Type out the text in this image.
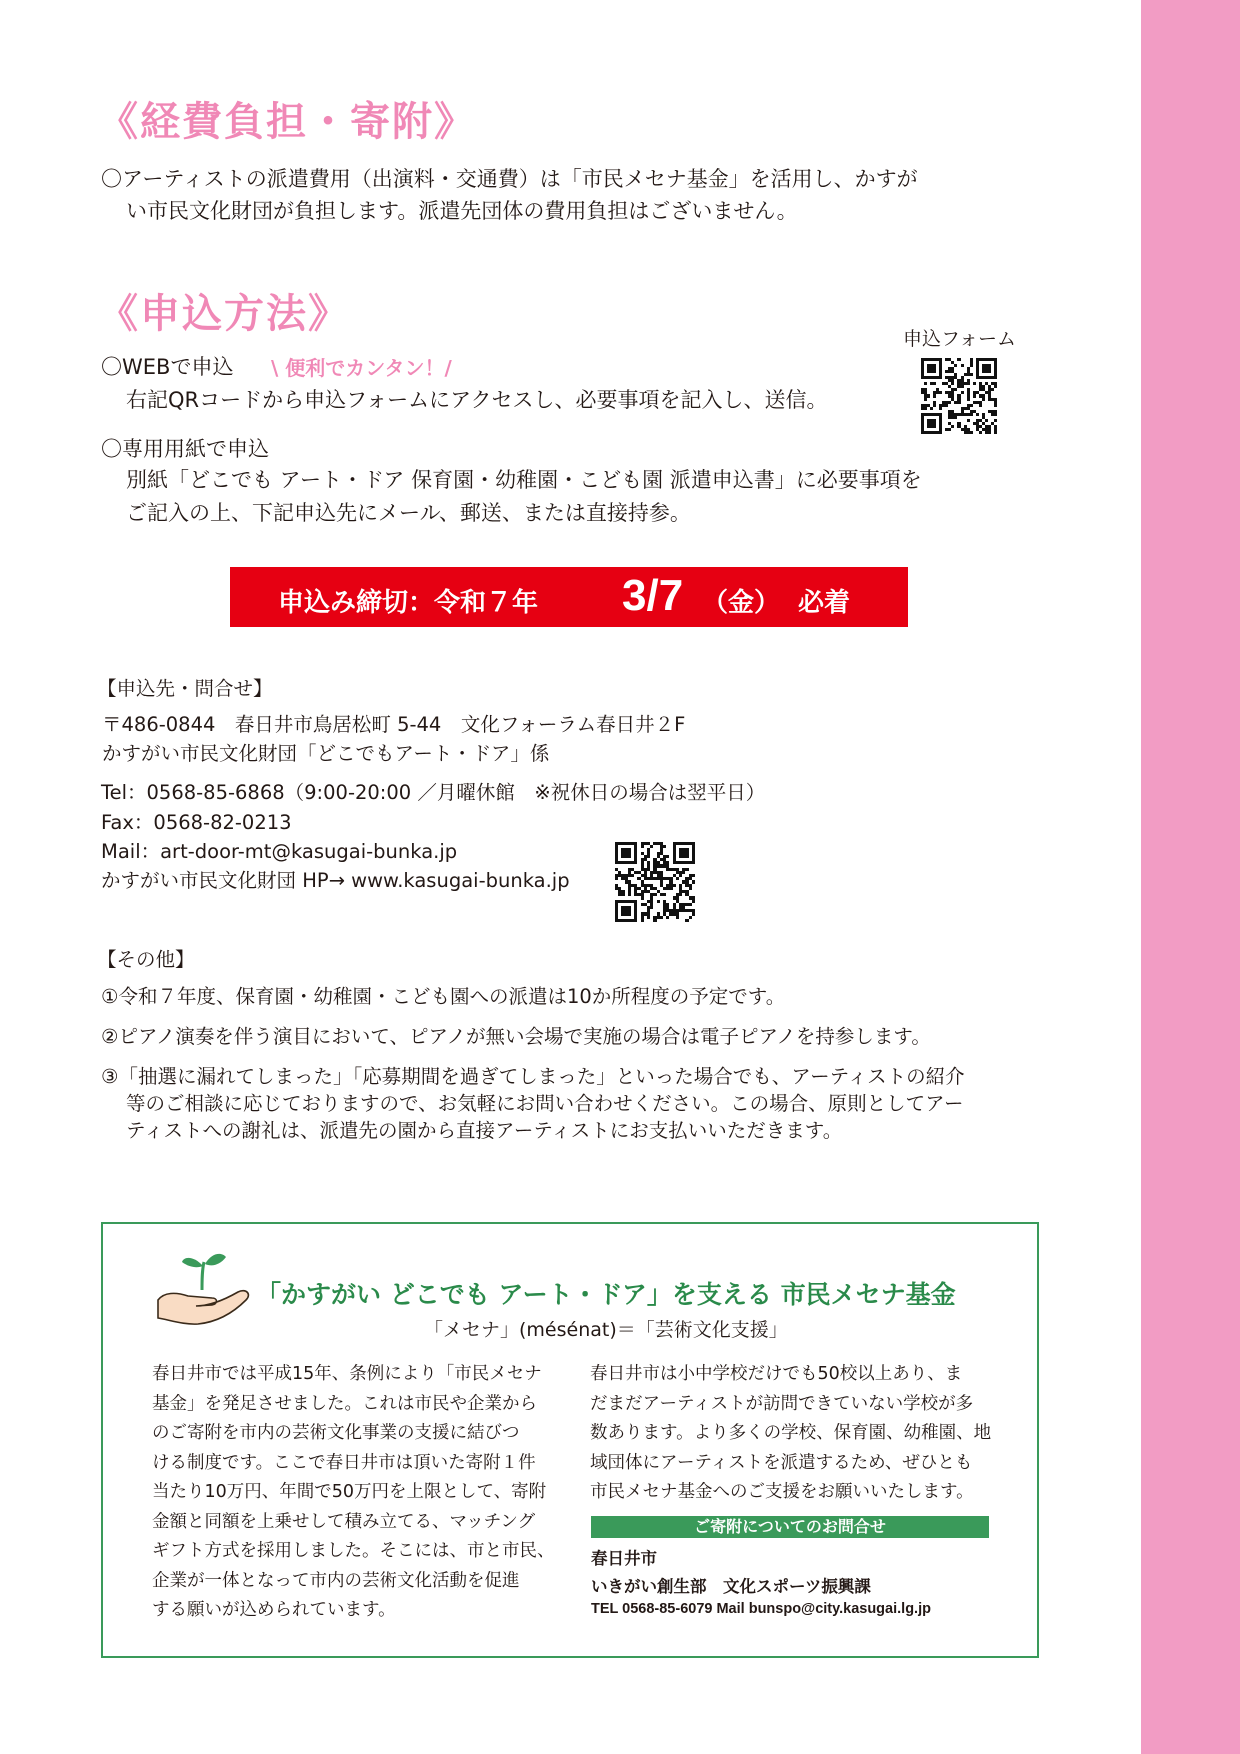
《経費負担・寄附》
〇アーティストの派遣費用（出演料・交通費）は「市民メセナ基金」を活用し、かすが
い市民文化財団が負担します。派遣先団体の費用負担はございません。
《申込方法》
申込フォーム
〇WEBで申込 \ 便利でカンタン！/
右記QRコードから申込フォームにアクセスし、必要事項を記入し、送信。
〇専用用紙で申込
別紙「どこでも アート・ドア 保育園・幼稚園・こども園 派遣申込書」に必要事項を
ご記入の上、下記申込先にメール、郵送、または直接持参。
申込み締切：令和７年 3/7 （金） 必着
【申込先・問合せ】
〒486-0844　春日井市鳥居松町 5-44　文化フォーラム春日井２F
かすがい市民文化財団「どこでもアート・ドア」係
Tel：0568-85-6868（9:00-20:00 ／月曜休館　※祝休日の場合は翌平日）
Fax：0568-82-0213
Mail：art-door-mt@kasugai-bunka.jp
かすがい市民文化財団 HP→ www.kasugai-bunka.jp
【その他】
①令和７年度、保育園・幼稚園・こども園への派遣は10か所程度の予定です。
②ピアノ演奏を伴う演目において、ピアノが無い会場で実施の場合は電子ピアノを持参します。
③「抽選に漏れてしまった」「応募期間を過ぎてしまった」といった場合でも、アーティストの紹介
等のご相談に応じておりますので、お気軽にお問い合わせください。この場合、原則としてアー
ティストへの謝礼は、派遣先の園から直接アーティストにお支払いいただきます。
「かすがい どこでも アート・ドア」を支える 市民メセナ基金
「メセナ」(mésénat)＝「芸術文化支援」
春日井市では平成15年、条例により「市民メセナ
基金」を発足させました。これは市民や企業から
のご寄附を市内の芸術文化事業の支援に結びつ
ける制度です。ここで春日井市は頂いた寄附１件
当たり10万円、年間で50万円を上限として、寄附
金額と同額を上乗せして積み立てる、マッチング
ギフト方式を採用しました。そこには、市と市民、
企業が一体となって市内の芸術文化活動を促進
する願いが込められています。
春日井市は小中学校だけでも50校以上あり、ま
だまだアーティストが訪問できていない学校が多
数あります。より多くの学校、保育園、幼稚園、地
域団体にアーティストを派遣するため、ぜひとも
市民メセナ基金へのご支援をお願いいたします。
ご寄附についてのお問合せ
春日井市
いきがい創生部　文化スポーツ振興課
TEL 0568-85-6079 Mail bunspo@city.kasugai.lg.jp
